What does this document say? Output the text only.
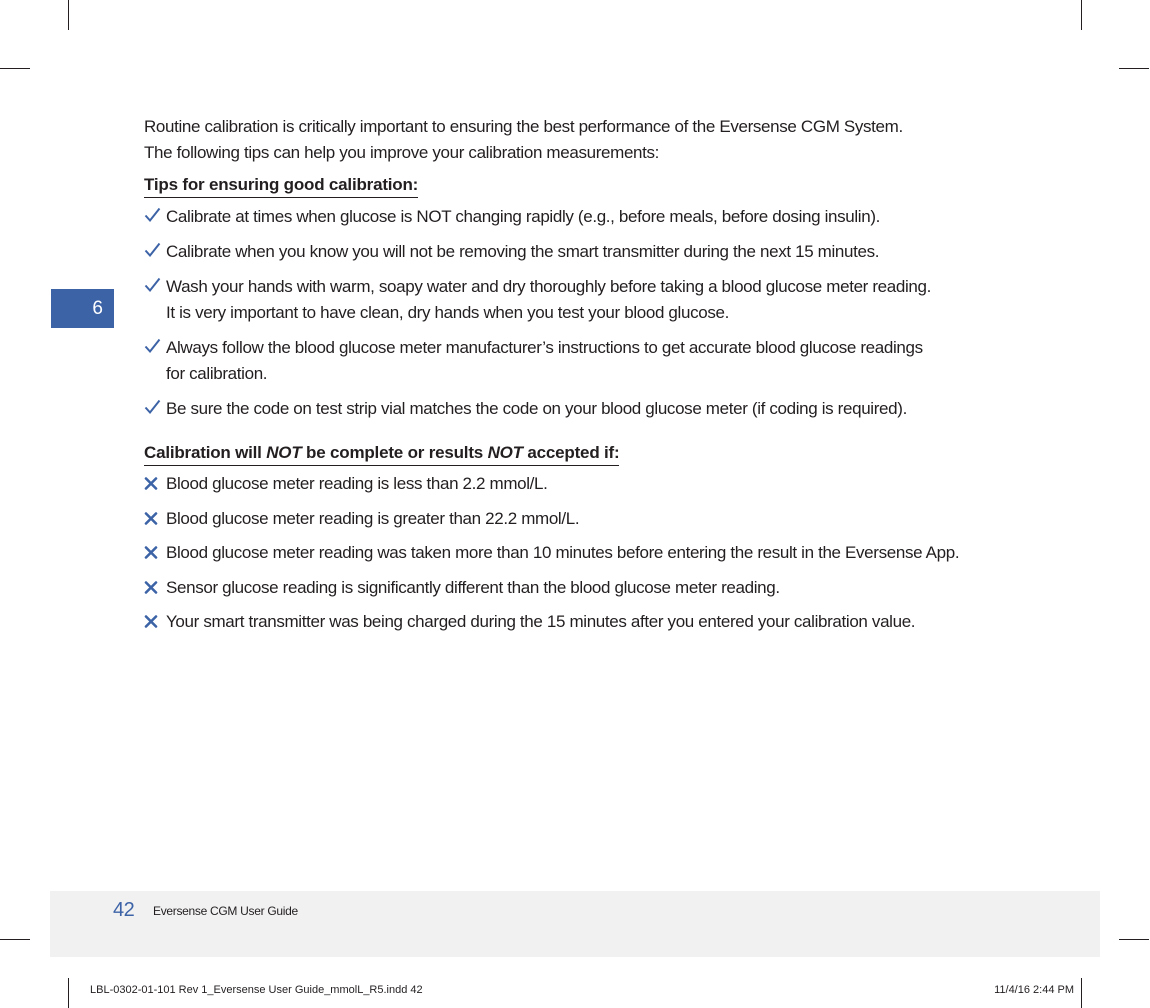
6

Routine calibration is critically important to ensuring the best performance of the Eversense CGM System.
The following tips can help you improve your calibration measurements:

Tips for ensuring good calibration:
Calibrate at times when glucose is NOT changing rapidly (e.g., before meals, before dosing insulin).
Calibrate when you know you will not be removing the smart transmitter during the next 15 minutes.
Wash your hands with warm, soapy water and dry thoroughly before taking a blood glucose meter reading.
It is very important to have clean, dry hands when you test your blood glucose.
Always follow the blood glucose meter manufacturer’s instructions to get accurate blood glucose readings
for calibration.
Be sure the code on test strip vial matches the code on your blood glucose meter (if coding is required).
Calibration will NOT be complete or results NOT accepted if:
Blood glucose meter reading is less than 2.2 mmol/L.
Blood glucose meter reading is greater than 22.2 mmol/L.
Blood glucose meter reading was taken more than 10 minutes before entering the result in the Eversense App.
Sensor glucose reading is significantly different than the blood glucose meter reading.
Your smart transmitter was being charged during the 15 minutes after you entered your calibration value.
42 Eversense CGM User Guide
LBL-0302-01-101 Rev 1_Eversense User Guide_mmolL_R5.indd 42	11/4/16 2:44 PM
